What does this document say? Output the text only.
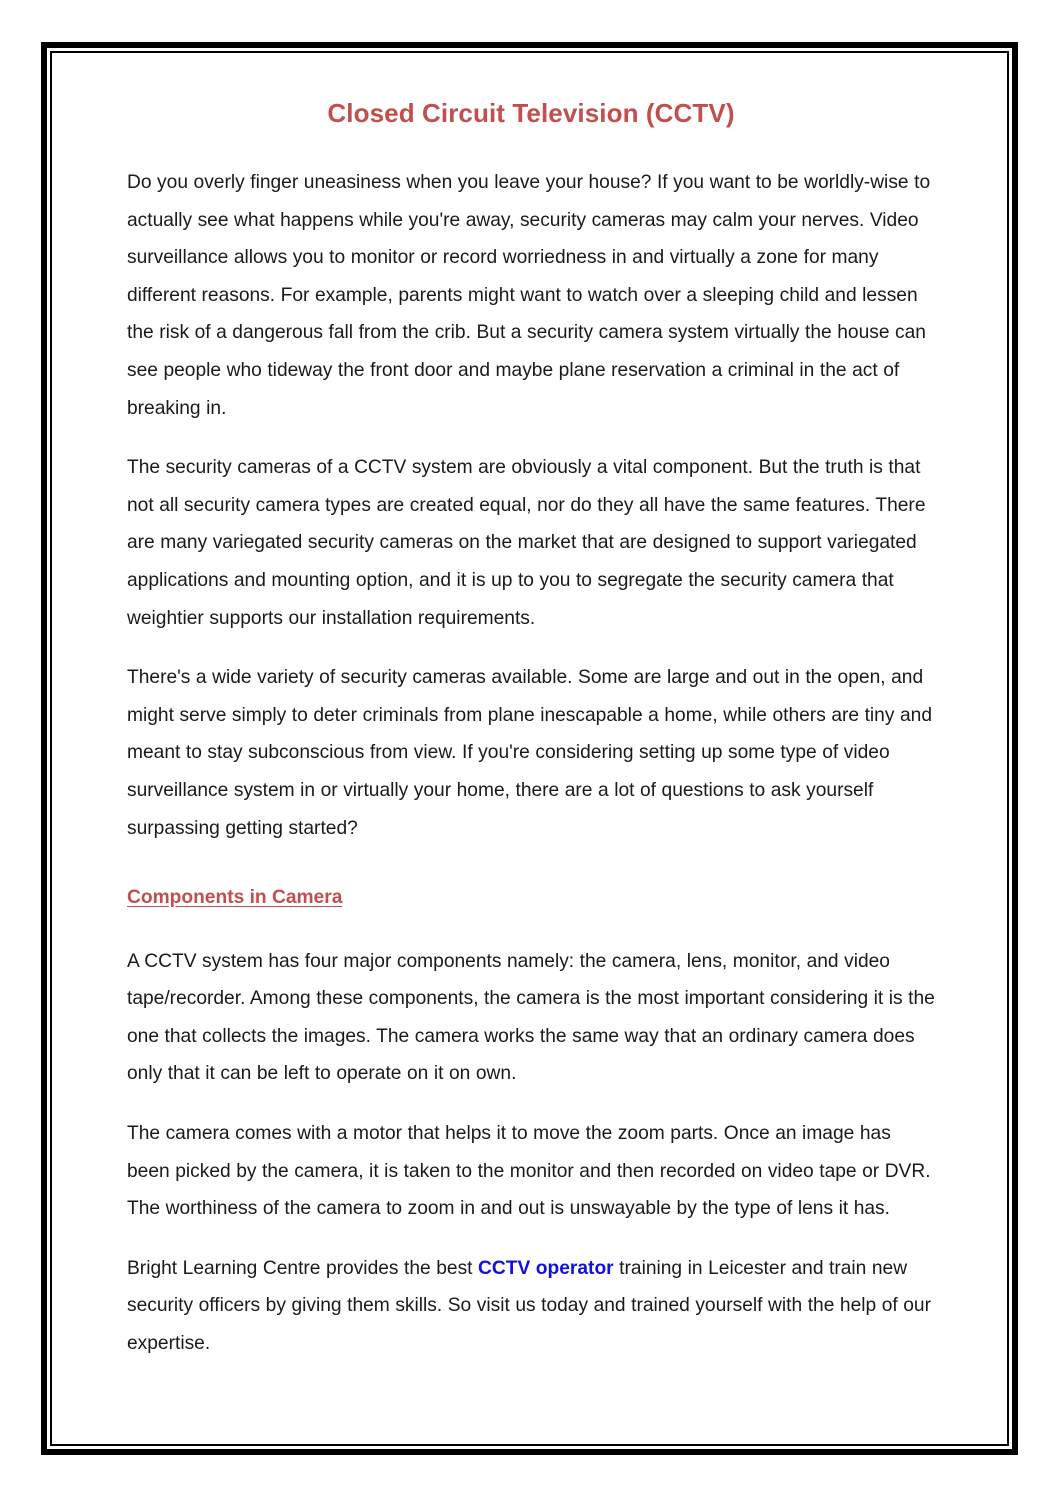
Closed Circuit Television (CCTV)

Do you overly finger uneasiness when you leave your house? If you want to be worldly-wise to actually see what happens while you're away, security cameras may calm your nerves. Video surveillance allows you to monitor or record worriedness in and virtually a zone for many different reasons. For example, parents might want to watch over a sleeping child and lessen the risk of a dangerous fall from the crib. But a security camera system virtually the house can see people who tideway the front door and maybe plane reservation a criminal in the act of breaking in.

The security cameras of a CCTV system are obviously a vital component. But the truth is that not all security camera types are created equal, nor do they all have the same features. There are many variegated security cameras on the market that are designed to support variegated applications and mounting option, and it is up to you to segregate the security camera that weightier supports our installation requirements.

There's a wide variety of security cameras available. Some are large and out in the open, and might serve simply to deter criminals from plane inescapable a home, while others are tiny and meant to stay subconscious from view. If you're considering setting up some type of video surveillance system in or virtually your home, there are a lot of questions to ask yourself surpassing getting started?

Components in Camera

A CCTV system has four major components namely: the camera, lens, monitor, and video tape/recorder. Among these components, the camera is the most important considering it is the one that collects the images. The camera works the same way that an ordinary camera does only that it can be left to operate on it on own.

The camera comes with a motor that helps it to move the zoom parts. Once an image has been picked by the camera, it is taken to the monitor and then recorded on video tape or DVR. The worthiness of the camera to zoom in and out is unswayable by the type of lens it has.

Bright Learning Centre provides the best CCTV operator training in Leicester and train new security officers by giving them skills. So visit us today and trained yourself with the help of our expertise.
